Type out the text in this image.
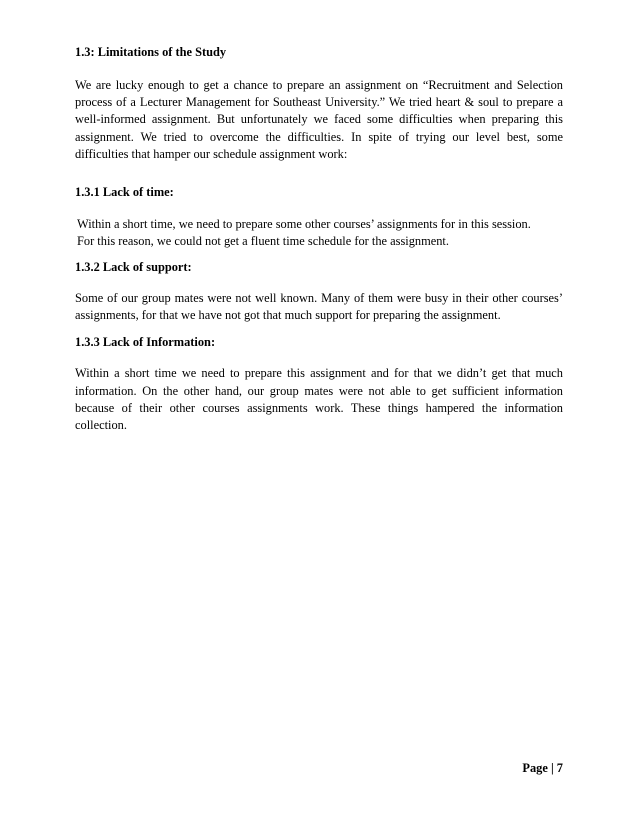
1.3: Limitations of the Study

We are lucky enough to get a chance to prepare an assignment on “Recruitment and Selection process of a Lecturer Management for Southeast University.” We tried heart & soul to prepare a well-informed assignment. But unfortunately we faced some difficulties when preparing this assignment. We tried to overcome the difficulties. In spite of trying our level best, some difficulties that hamper our schedule assignment work:

1.3.1 Lack of time:

Within a short time, we need to prepare some other courses’ assignments for in this session.

For this reason, we could not get a fluent time schedule for the assignment.

1.3.2 Lack of support:

Some of our group mates were not well known. Many of them were busy in their other courses’ assignments, for that we have not got that much support for preparing the assignment.

1.3.3 Lack of Information:

Within a short time we need to prepare this assignment and for that we didn’t get that much information. On the other hand, our group mates were not able to get sufficient information because of their other courses assignments work. These things hampered the information collection.

Page | 7
